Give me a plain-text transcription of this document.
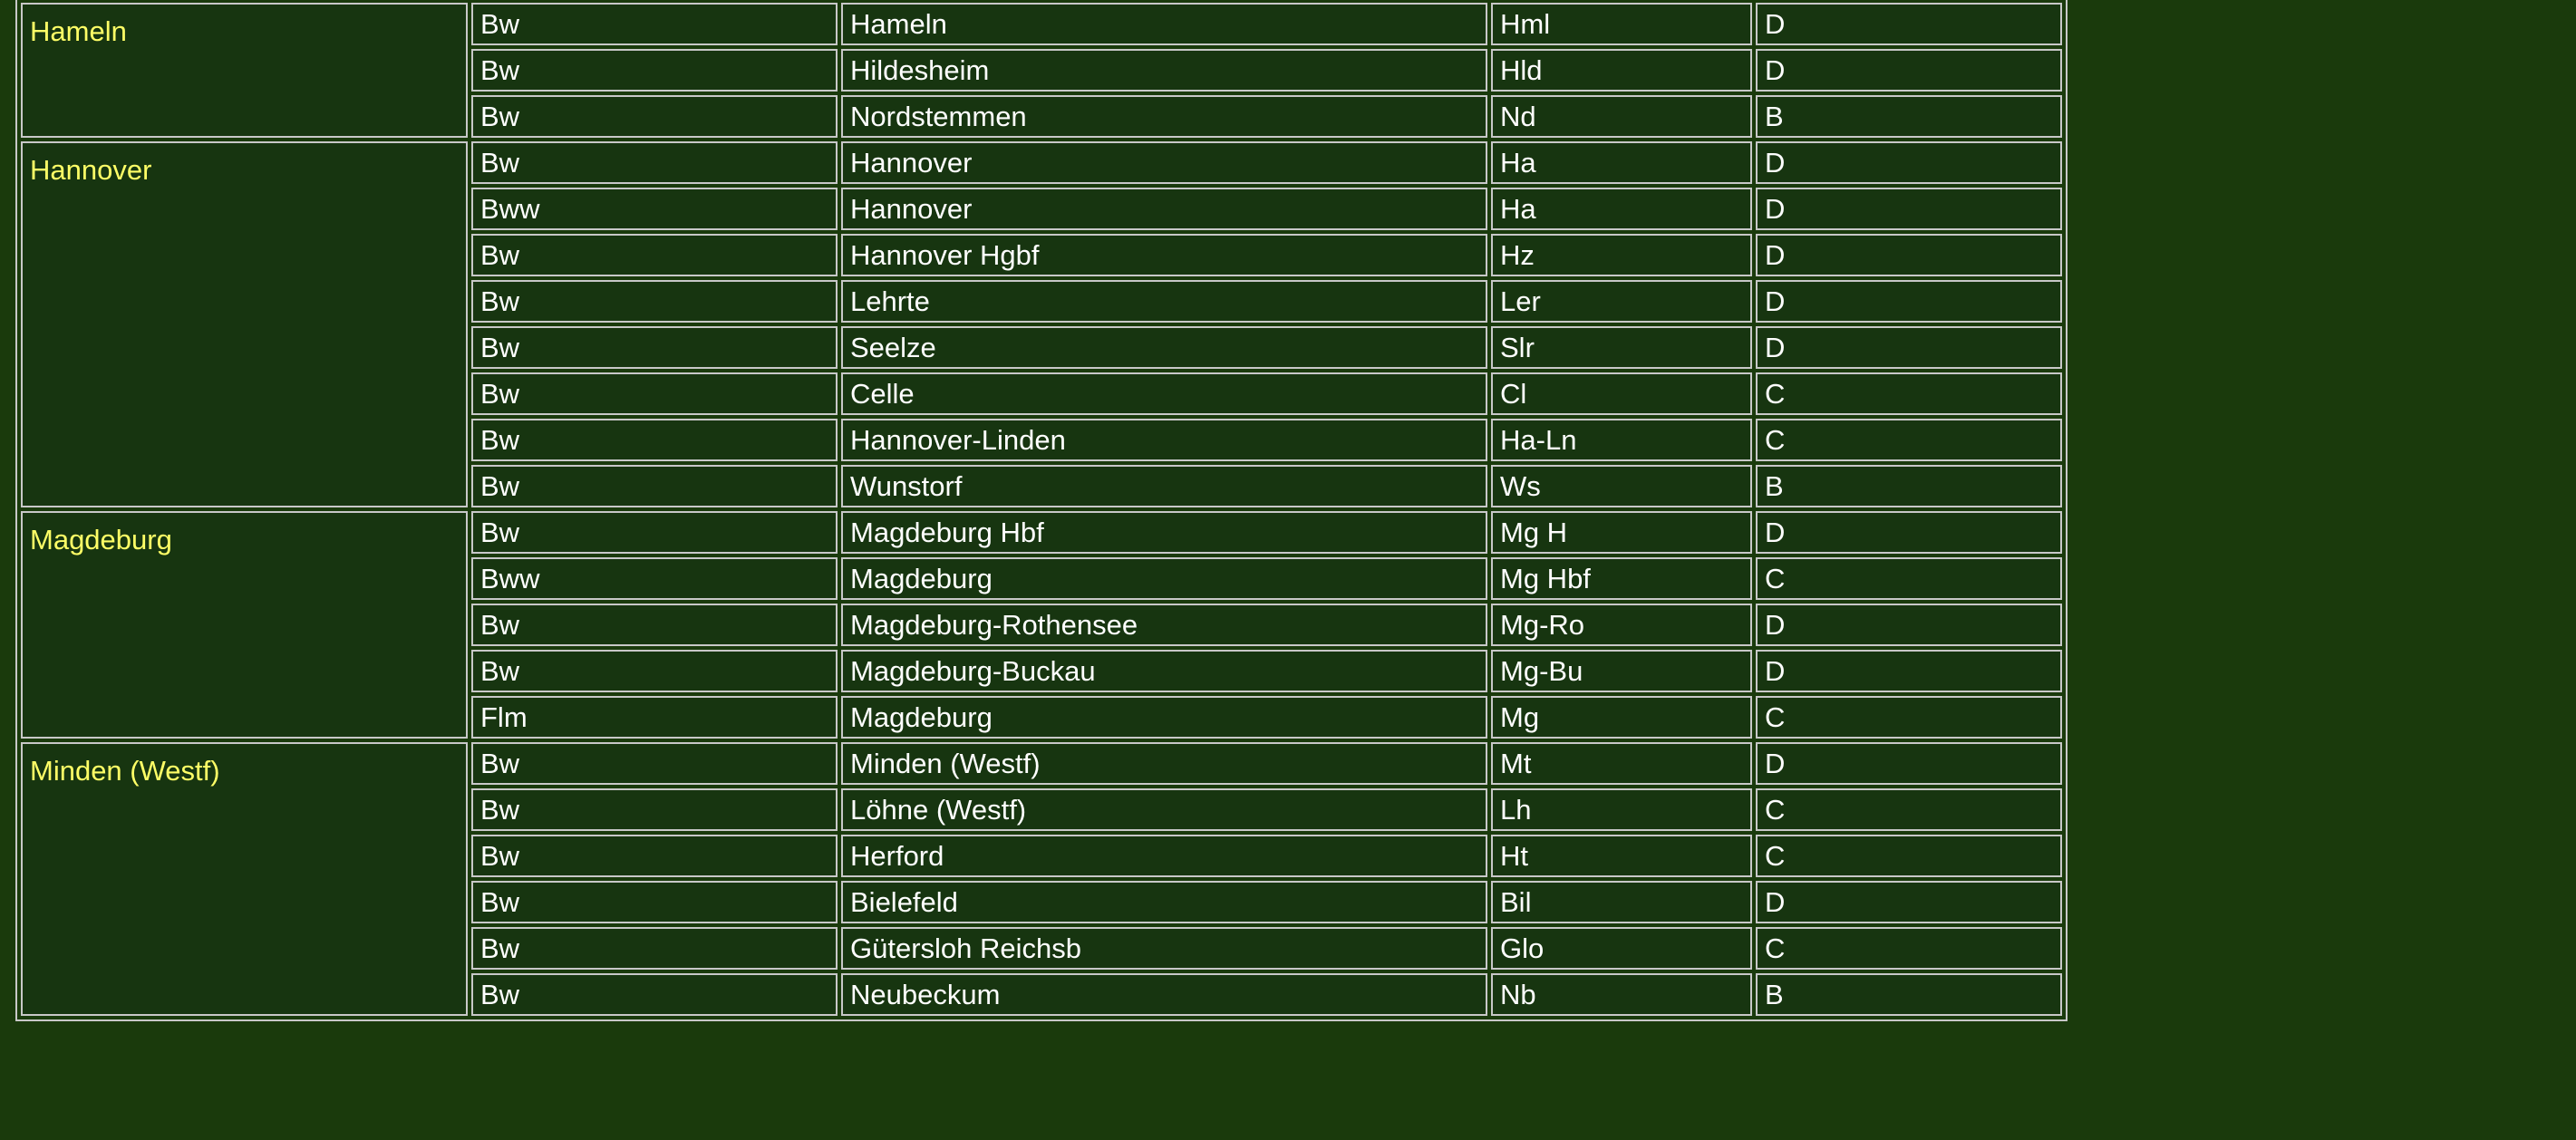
Hameln	Bw	Hameln	Hml	D
	Bw	Hildesheim	Hld	D
	Bw	Nordstemmen	Nd	B
Hannover	Bw	Hannover	Ha	D
	Bww	Hannover	Ha	D
	Bw	Hannover Hgbf	Hz	D
	Bw	Lehrte	Ler	D
	Bw	Seelze	Slr	D
	Bw	Celle	Cl	C
	Bw	Hannover-Linden	Ha-Ln	C
	Bw	Wunstorf	Ws	B
Magdeburg	Bw	Magdeburg Hbf	Mg H	D
	Bww	Magdeburg	Mg Hbf	C
	Bw	Magdeburg-Rothensee	Mg-Ro	D
	Bw	Magdeburg-Buckau	Mg-Bu	D
	Flm	Magdeburg	Mg	C
Minden (Westf)	Bw	Minden (Westf)	Mt	D
	Bw	Löhne (Westf)	Lh	C
	Bw	Herford	Ht	C
	Bw	Bielefeld	Bil	D
	Bw	Gütersloh Reichsb	Glo	C
	Bw	Neubeckum	Nb	B
